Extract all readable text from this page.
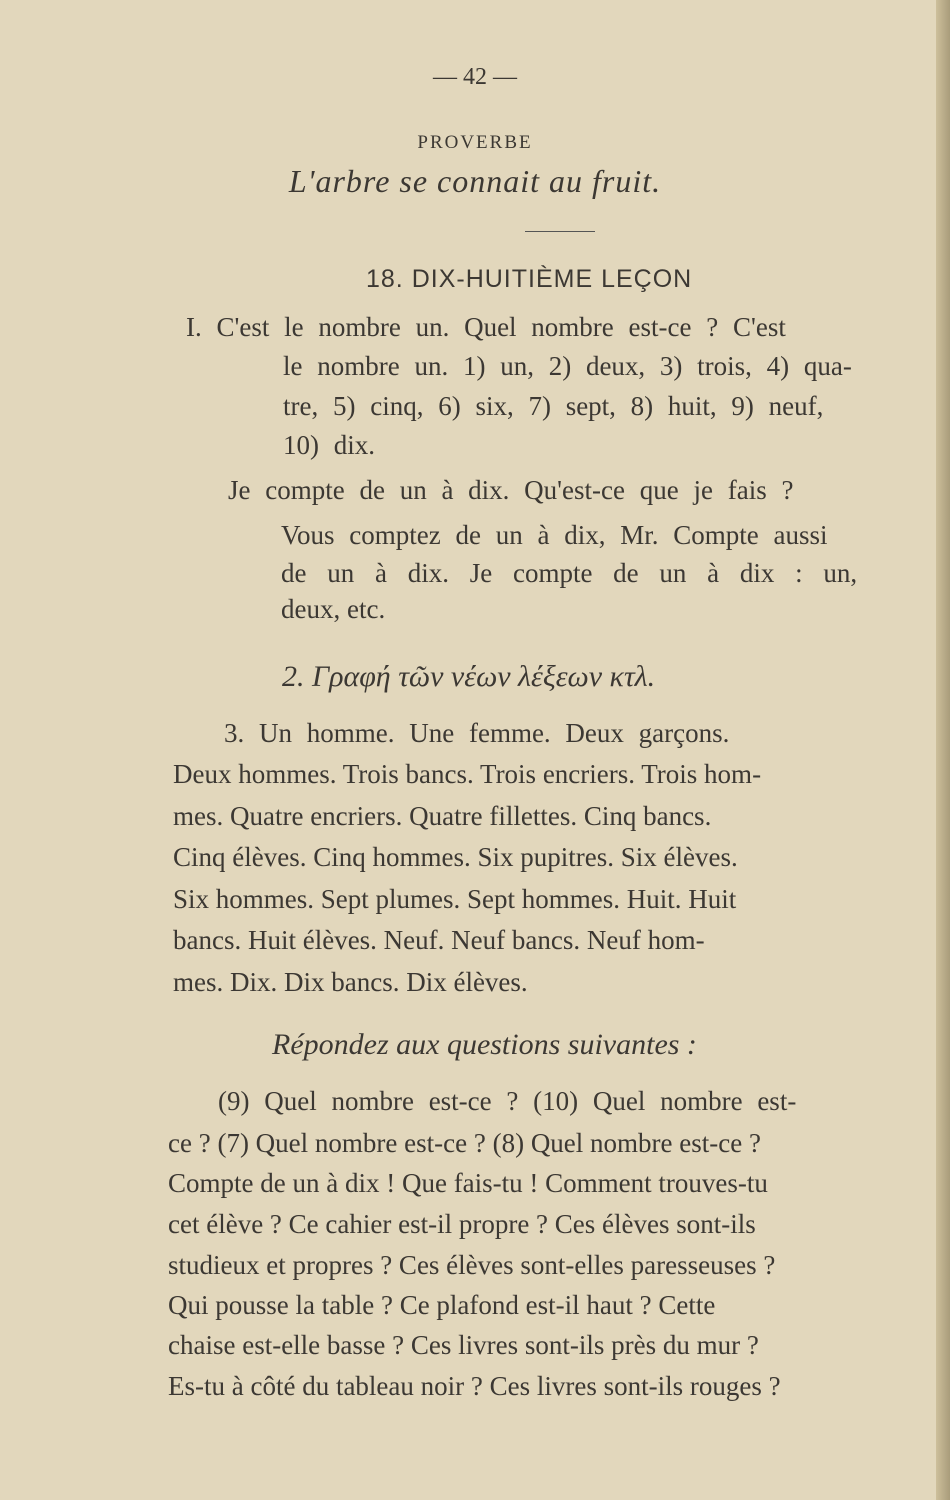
— 42 —
PROVERBE
L'arbre se connait au fruit.
18. DIX-HUITIÈME LEÇON
I. C'est le nombre un. Quel nombre est-ce ? C'est
le nombre un. 1) un, 2) deux, 3) trois, 4) qua-
tre, 5) cinq, 6) six, 7) sept, 8) huit, 9) neuf,
10) dix.
Je compte de un à dix. Qu'est-ce que je fais ?
Vous comptez de un à dix, Mr. Compte aussi
de un à dix. Je compte de un à dix : un,
deux, etc.
2. Γραφή τῶν νέων λέξεων κτλ.
3. Un homme. Une femme. Deux garçons.
Deux hommes. Trois bancs. Trois encriers. Trois hom-
mes. Quatre encriers. Quatre fillettes. Cinq bancs.
Cinq élèves. Cinq hommes. Six pupitres. Six élèves.
Six hommes. Sept plumes. Sept hommes. Huit. Huit
bancs. Huit élèves. Neuf. Neuf bancs. Neuf hom-
mes. Dix. Dix bancs. Dix élèves.
Répondez aux questions suivantes :
(9) Quel nombre est-ce ? (10) Quel nombre est-
ce ? (7) Quel nombre est-ce ? (8) Quel nombre est-ce ?
Compte de un à dix ! Que fais-tu ! Comment trouves-tu
cet élève ? Ce cahier est-il propre ? Ces élèves sont-ils
studieux et propres ? Ces élèves sont-elles paresseuses ?
Qui pousse la table ? Ce plafond est-il haut ? Cette
chaise est-elle basse ? Ces livres sont-ils près du mur ?
Es-tu à côté du tableau noir ? Ces livres sont-ils rouges ?
